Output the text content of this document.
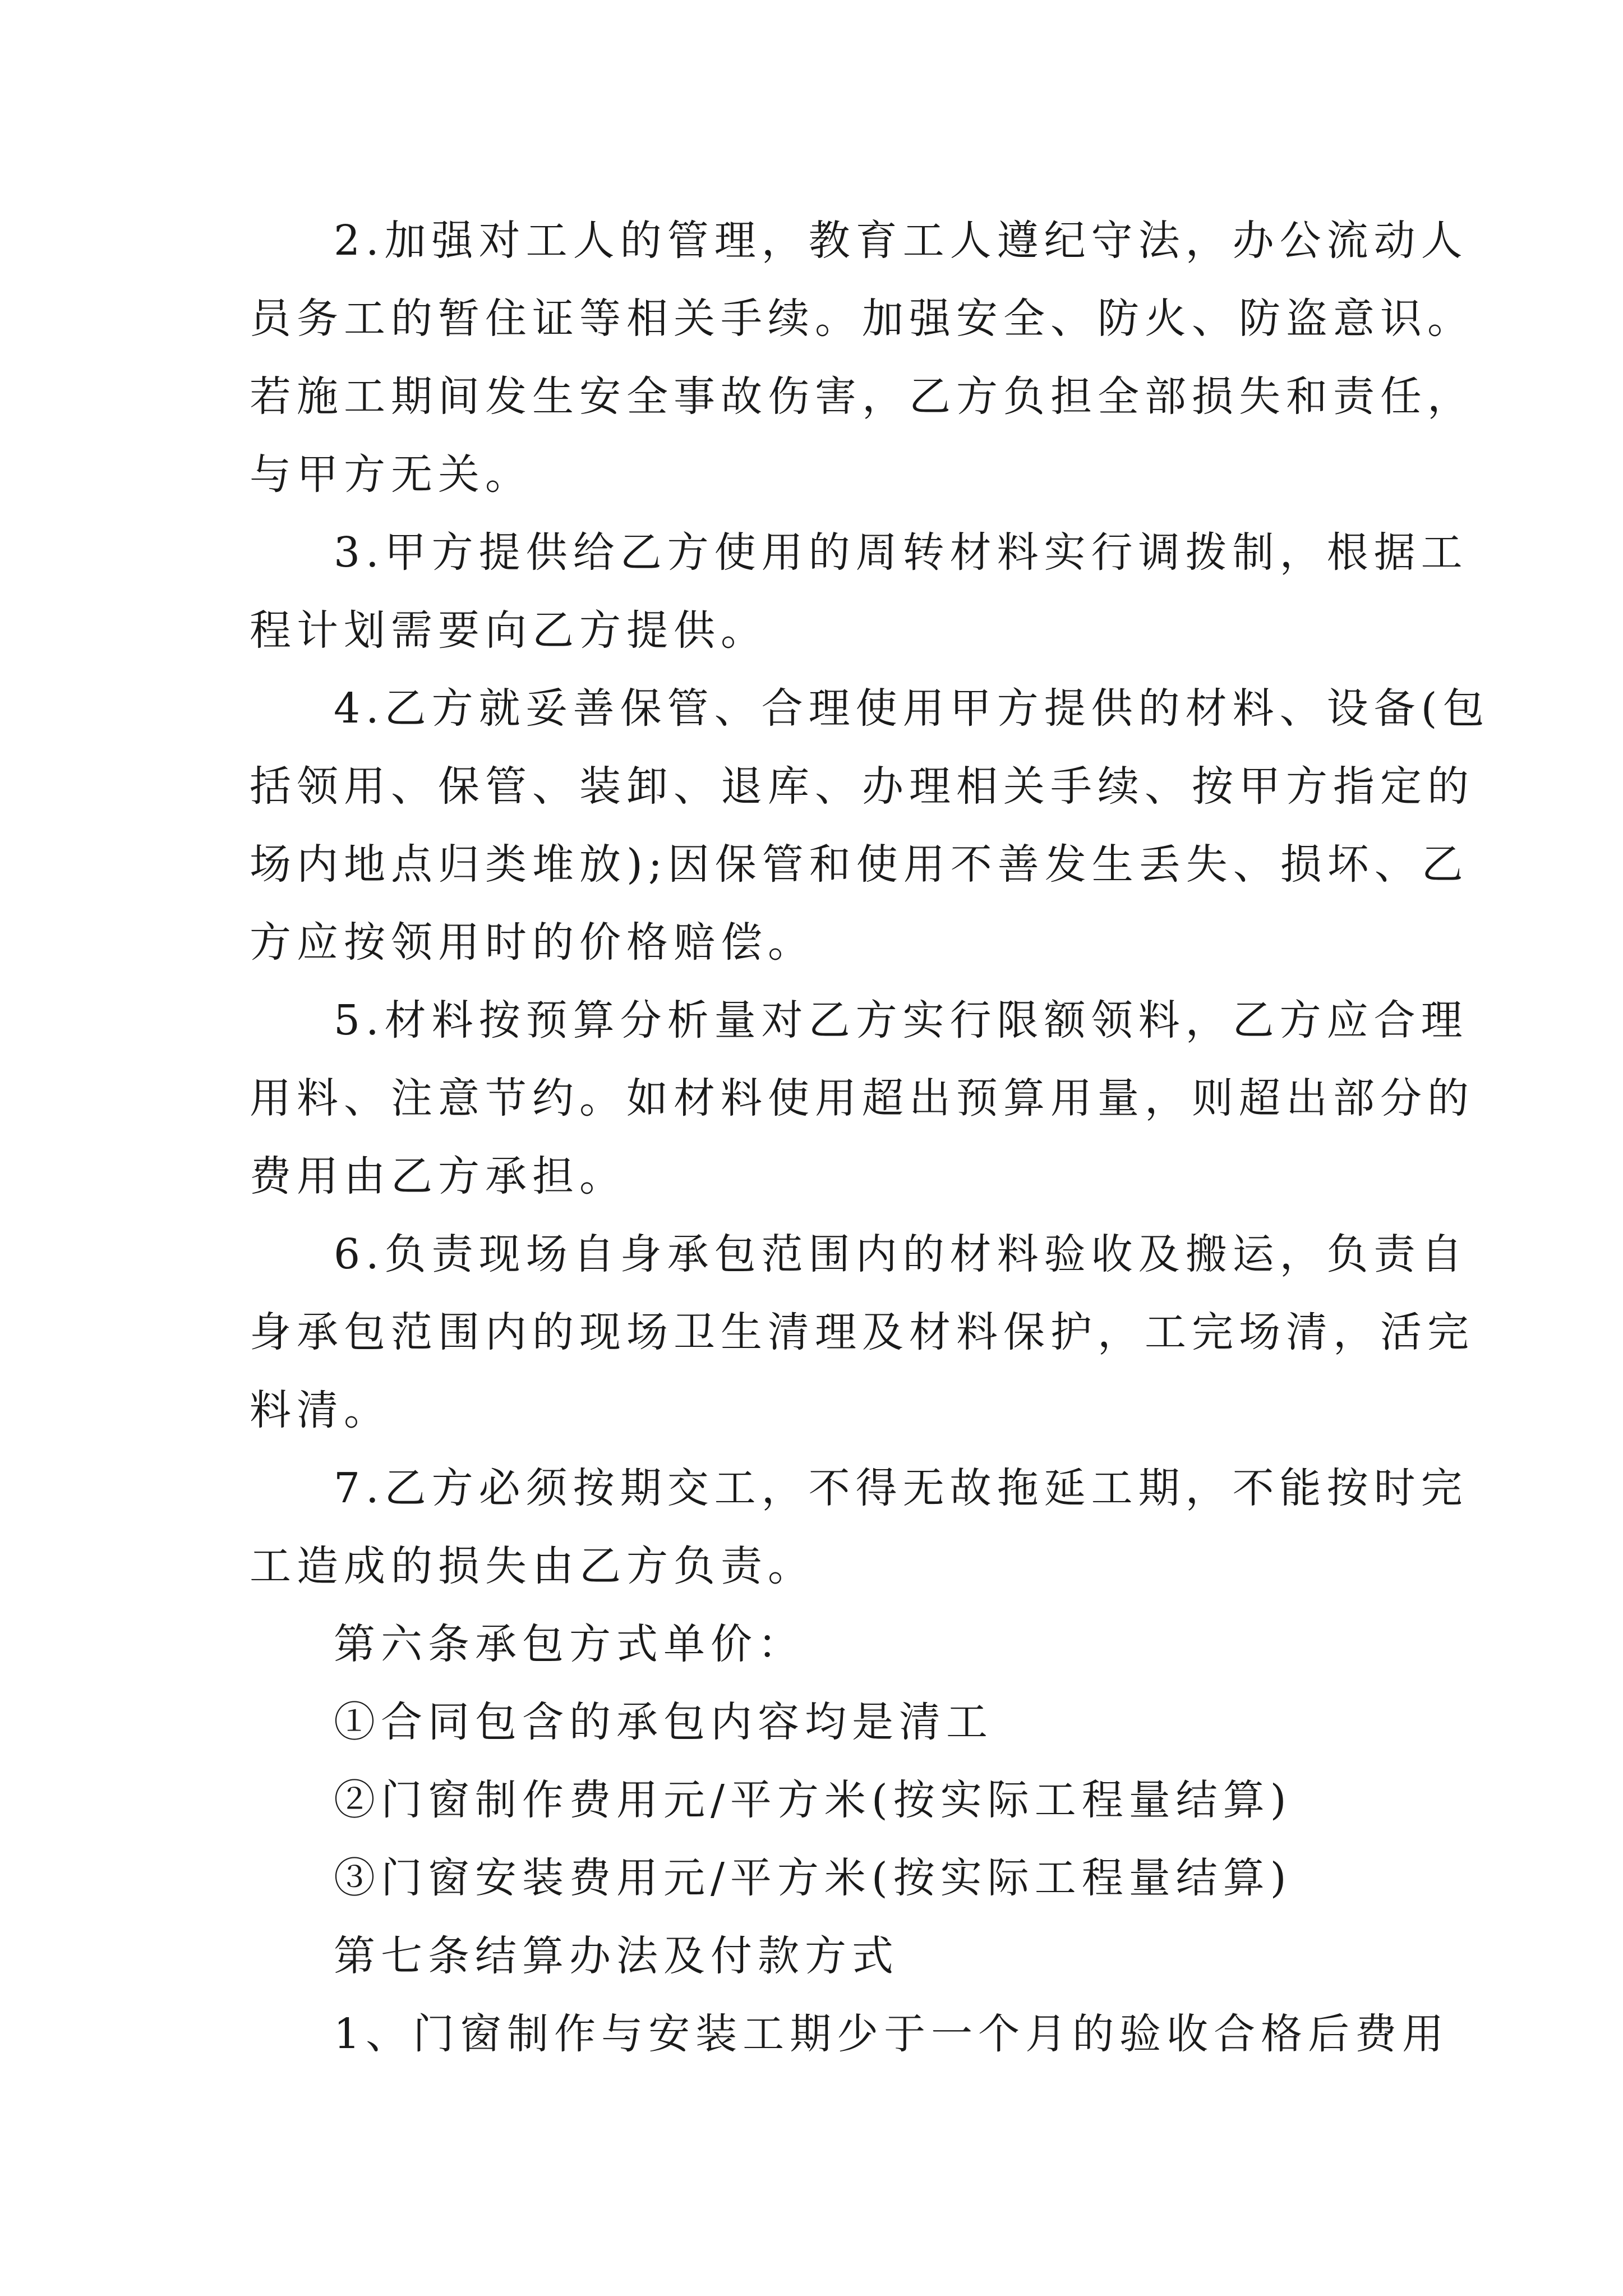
2.加强对工人的管理，教育工人遵纪守法，办公流动人
员务工的暂住证等相关手续。加强安全、防火、防盗意识。
若施工期间发生安全事故伤害，乙方负担全部损失和责任，
与甲方无关。
3.甲方提供给乙方使用的周转材料实行调拨制，根据工
程计划需要向乙方提供。
4.乙方就妥善保管、合理使用甲方提供的材料、设备(包
括领用、保管、装卸、退库、办理相关手续、按甲方指定的
场内地点归类堆放);因保管和使用不善发生丢失、损坏、乙
方应按领用时的价格赔偿。
5.材料按预算分析量对乙方实行限额领料，乙方应合理
用料、注意节约。如材料使用超出预算用量，则超出部分的
费用由乙方承担。
6.负责现场自身承包范围内的材料验收及搬运，负责自
身承包范围内的现场卫生清理及材料保护，工完场清，活完
料清。
7.乙方必须按期交工，不得无故拖延工期，不能按时完
工造成的损失由乙方负责。
第六条承包方式单价：
①合同包含的承包内容均是清工
②门窗制作费用元/平方米(按实际工程量结算)
③门窗安装费用元/平方米(按实际工程量结算)
第七条结算办法及付款方式
1、门窗制作与安装工期少于一个月的验收合格后费用
